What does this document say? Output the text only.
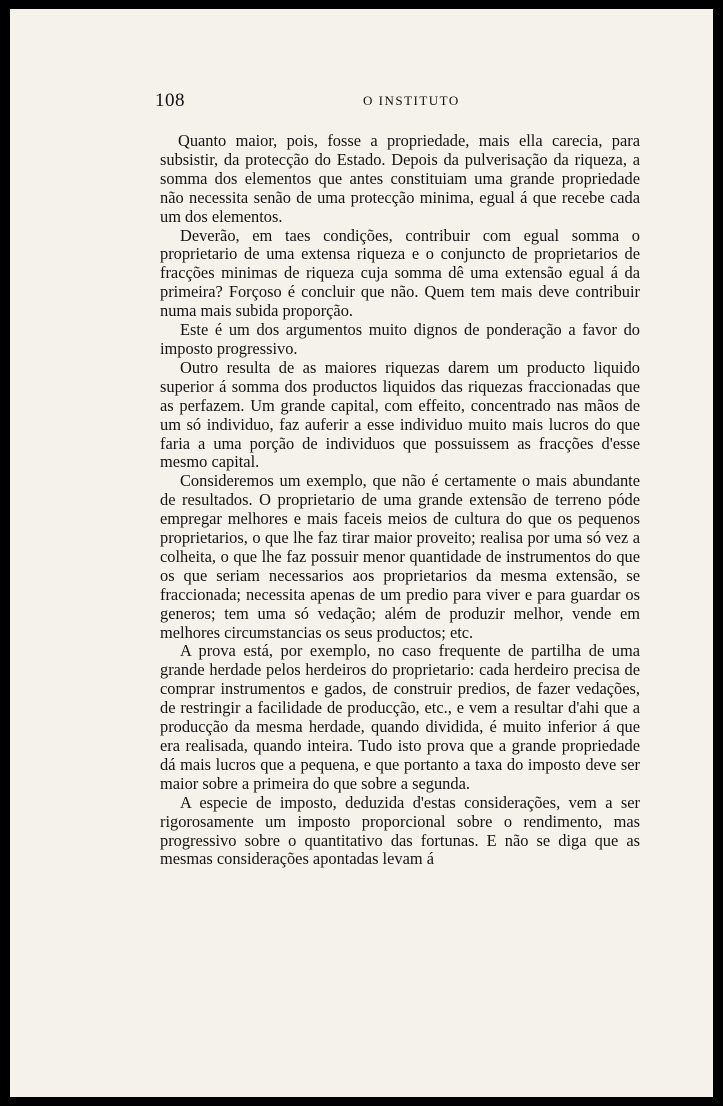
108	O INSTITUTO

Quanto maior, pois, fosse a propriedade, mais ella carecia, para subsistir, da protecção do Estado. Depois da pulverisação da riqueza, a somma dos elementos que antes constituiam uma grande propriedade não necessita senão de uma protecção minima, egual á que recebe cada um dos elementos.

Deverão, em taes condições, contribuir com egual somma o proprietario de uma extensa riqueza e o conjuncto de proprietarios de fracções minimas de riqueza cuja somma dê uma extensão egual á da primeira? Forçoso é concluir que não. Quem tem mais deve contribuir numa mais subida proporção.

Este é um dos argumentos muito dignos de ponderação a favor do imposto progressivo.

Outro resulta de as maiores riquezas darem um producto liquido superior á somma dos productos liquidos das riquezas fraccionadas que as perfazem. Um grande capital, com effeito, concentrado nas mãos de um só individuo, faz auferir a esse individuo muito mais lucros do que faria a uma porção de individuos que possuissem as fracções d'esse mesmo capital.

Consideremos um exemplo, que não é certamente o mais abundante de resultados. O proprietario de uma grande extensão de terreno póde empregar melhores e mais faceis meios de cultura do que os pequenos proprietarios, o que lhe faz tirar maior proveito; realisa por uma só vez a colheita, o que lhe faz possuir menor quantidade de instrumentos do que os que seriam necessarios aos proprietarios da mesma extensão, se fraccionada; necessita apenas de um predio para viver e para guardar os generos; tem uma só vedação; além de produzir melhor, vende em melhores circumstancias os seus productos; etc.

A prova está, por exemplo, no caso frequente de partilha de uma grande herdade pelos herdeiros do proprietario: cada herdeiro precisa de comprar instrumentos e gados, de construir predios, de fazer vedações, de restringir a facilidade de producção, etc., e vem a resultar d'ahi que a producção da mesma herdade, quando dividida, é muito inferior á que era realisada, quando inteira. Tudo isto prova que a grande propriedade dá mais lucros que a pequena, e que portanto a taxa do imposto deve ser maior sobre a primeira do que sobre a segunda.

A especie de imposto, deduzida d'estas considerações, vem a ser rigorosamente um imposto proporcional sobre o rendimento, mas progressivo sobre o quantitativo das fortunas. E não se diga que as mesmas considerações apontadas levam á
